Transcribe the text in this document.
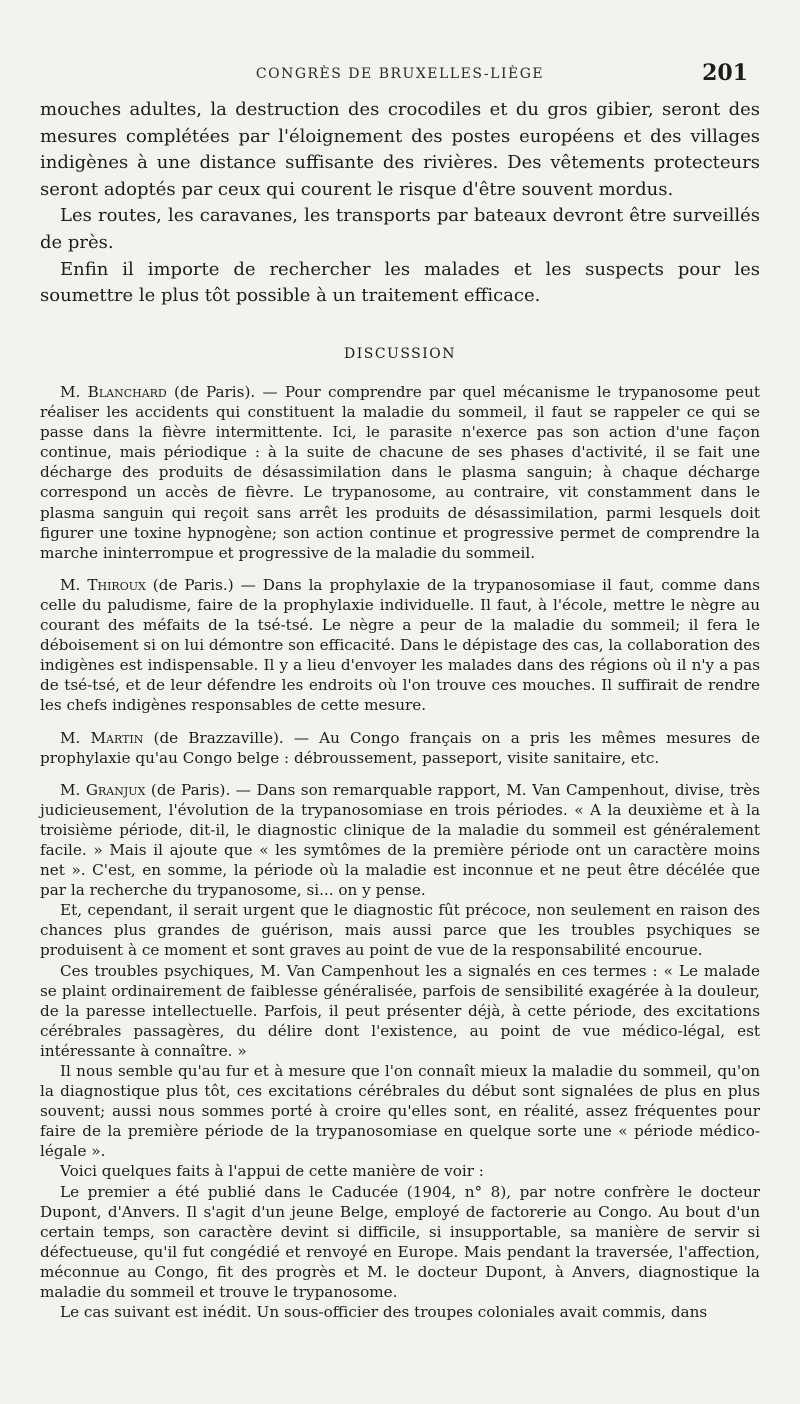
CONGRÈS DE BRUXELLES-LIÈGE	201

mouches adultes, la destruction des crocodiles et du gros gibier, seront des mesures complétées par l'éloignement des postes européens et des villages indigènes à une distance suffisante des rivières. Des vêtements protecteurs seront adoptés par ceux qui courent le risque d'être souvent mordus.

Les routes, les caravanes, les transports par bateaux devront être surveillés de près.

Enfin il importe de rechercher les malades et les suspects pour les soumettre le plus tôt possible à un traitement efficace.

DISCUSSION

M. Blanchard (de Paris). — Pour comprendre par quel mécanisme le trypanosome peut réaliser les accidents qui constituent la maladie du sommeil, il faut se rappeler ce qui se passe dans la fièvre intermittente. Ici, le parasite n'exerce pas son action d'une façon continue, mais périodique : à la suite de chacune de ses phases d'activité, il se fait une décharge des produits de désassimilation dans le plasma sanguin; à chaque décharge correspond un accès de fièvre. Le trypanosome, au contraire, vit constamment dans le plasma sanguin qui reçoit sans arrêt les produits de désassimilation, parmi lesquels doit figurer une toxine hypnogène; son action continue et progressive permet de comprendre la marche ininterrompue et progressive de la maladie du sommeil.

M. Thiroux (de Paris.) — Dans la prophylaxie de la trypanosomiase il faut, comme dans celle du paludisme, faire de la prophylaxie individuelle. Il faut, à l'école, mettre le nègre au courant des méfaits de la tsé-tsé. Le nègre a peur de la maladie du sommeil; il fera le déboisement si on lui démontre son efficacité. Dans le dépistage des cas, la collaboration des indigènes est indispensable. Il y a lieu d'envoyer les malades dans des régions où il n'y a pas de tsé-tsé, et de leur défendre les endroits où l'on trouve ces mouches. Il suffirait de rendre les chefs indigènes responsables de cette mesure.

M. Martin (de Brazzaville). — Au Congo français on a pris les mêmes mesures de prophylaxie qu'au Congo belge : débroussement, passeport, visite sanitaire, etc.

M. Granjux (de Paris). — Dans son remarquable rapport, M. Van Campenhout, divise, très judicieusement, l'évolution de la trypanosomiase en trois périodes. « A la deuxième et à la troisième période, dit-il, le diagnostic clinique de la maladie du sommeil est généralement facile. » Mais il ajoute que « les symtômes de la première période ont un caractère moins net ». C'est, en somme, la période où la maladie est inconnue et ne peut être décélée que par la recherche du trypanosome, si... on y pense.

Et, cependant, il serait urgent que le diagnostic fût précoce, non seulement en raison des chances plus grandes de guérison, mais aussi parce que les troubles psychiques se produisent à ce moment et sont graves au point de vue de la responsabilité encourue.

Ces troubles psychiques, M. Van Campenhout les a signalés en ces termes : « Le malade se plaint ordinairement de faiblesse généralisée, parfois de sensibilité exagérée à la douleur, de la paresse intellectuelle. Parfois, il peut présenter déjà, à cette période, des excitations cérébrales passagères, du délire dont l'existence, au point de vue médico-légal, est intéressante à connaître. »

Il nous semble qu'au fur et à mesure que l'on connaît mieux la maladie du sommeil, qu'on la diagnostique plus tôt, ces excitations cérébrales du début sont signalées de plus en plus souvent; aussi nous sommes porté à croire qu'elles sont, en réalité, assez fréquentes pour faire de la première période de la trypanosomiase en quelque sorte une « période médico-légale ».

Voici quelques faits à l'appui de cette manière de voir :

Le premier a été publié dans le Caducée (1904, n° 8), par notre confrère le docteur Dupont, d'Anvers. Il s'agit d'un jeune Belge, employé de factorerie au Congo. Au bout d'un certain temps, son caractère devint si difficile, si insupportable, sa manière de servir si défectueuse, qu'il fut congédié et renvoyé en Europe. Mais pendant la traversée, l'affection, méconnue au Congo, fit des progrès et M. le docteur Dupont, à Anvers, diagnostique la maladie du sommeil et trouve le trypanosome.

Le cas suivant est inédit. Un sous-officier des troupes coloniales avait commis, dans
